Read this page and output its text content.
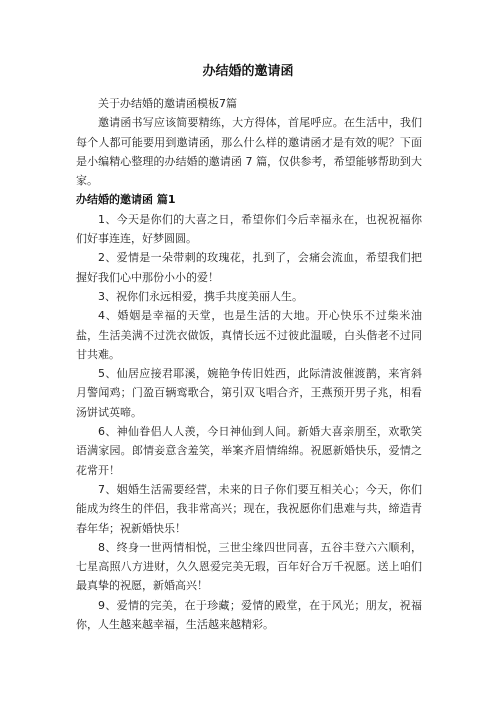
办结婚的邀请函

关于办结婚的邀请函模板7篇

邀请函书写应该简要精练，大方得体，首尾呼应。在生活中，我们每个人都可能要用到邀请函，那么什么样的邀请函才是有效的呢？下面是小编精心整理的办结婚的邀请函 7 篇，仅供参考，希望能够帮助到大家。

办结婚的邀请函 篇1

1、今天是你们的大喜之日，希望你们今后幸福永在，也祝祝福你们好事连连，好梦圆圆。

2、爱情是一朵带刺的玫瑰花，扎到了，会痛会流血，希望我们把握好我们心中那份小小的爱！

3、祝你们永远相爱，携手共度美丽人生。

4、婚姻是幸福的天堂，也是生活的大地。开心快乐不过柴米油盐，生活美满不过洗衣做饭，真情长远不过彼此温暖，白头偕老不过同甘共难。

5、仙居应接君耶溪，婉艳争传旧姓西，此际清波催渡鹊，来宵斜月警闻鸡；门盈百辆鸾歌合，第引双飞唱合齐，王燕预开男子兆，相看汤饼试英啼。

6、神仙眷侣人人羡，今日神仙到人间。新婚大喜亲朋至，欢歌笑语满家园。郎情妾意含羞笑，举案齐眉情绵绵。祝愿新婚快乐，爱情之花常开！

7、姻婚生活需要经营，未来的日子你们要互相关心；今天，你们能成为终生的伴侣，我非常高兴；现在，我祝愿你们患难与共，缔造青春年华；祝新婚快乐！

8、终身一世两情相悦，三世尘缘四世同喜，五谷丰登六六顺利，七星高照八方进财，久久恩爱完美无瑕，百年好合万千祝愿。送上咱们最真挚的祝愿，新婚高兴！

9、爱情的完美，在于珍藏；爱情的殿堂，在于风光；朋友，祝福你，人生越来越幸福，生活越来越精彩。
